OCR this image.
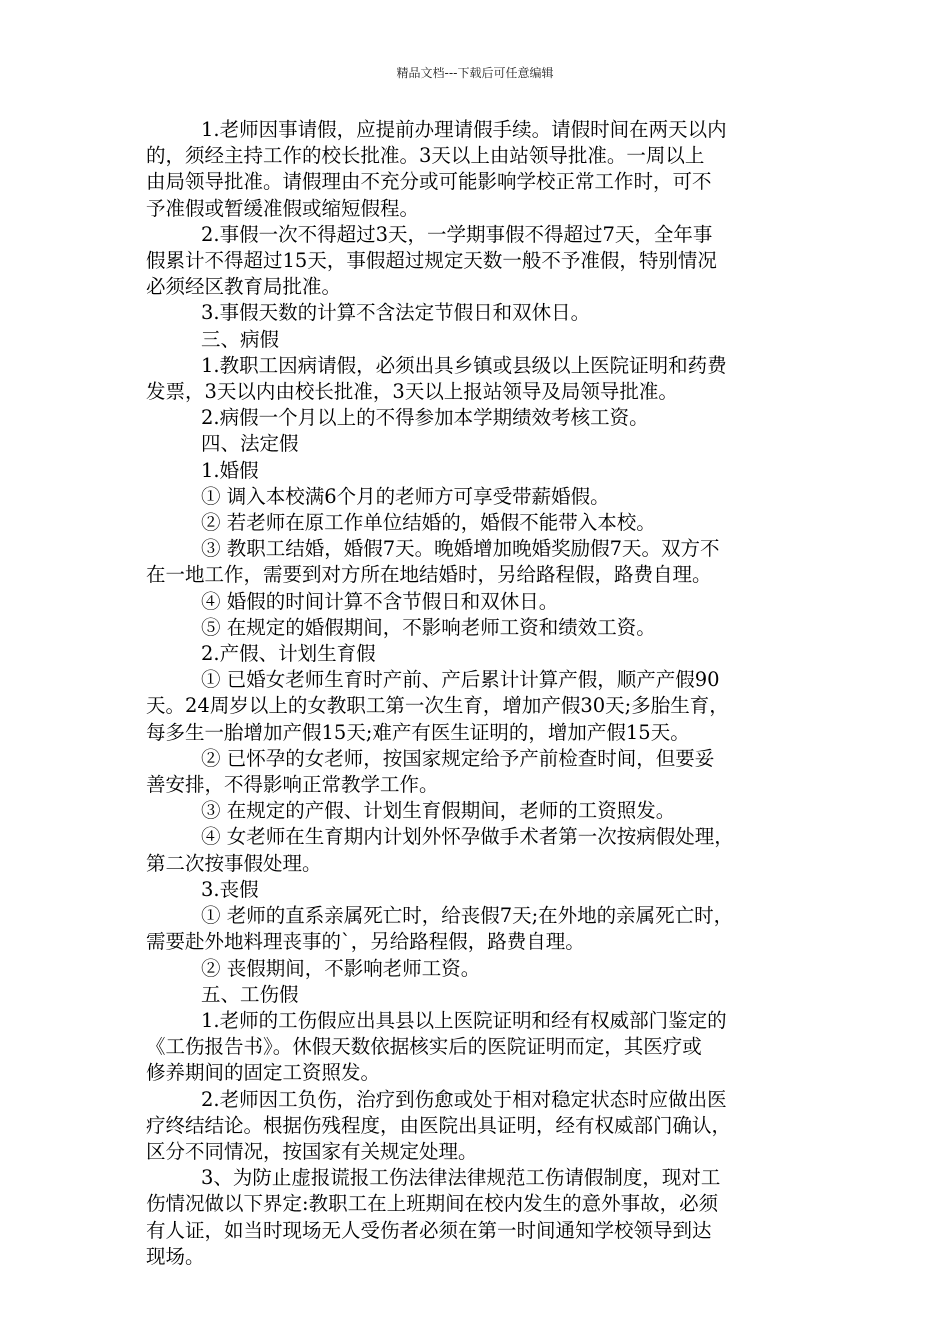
精品文档---下载后可任意编辑

1.老师因事请假，应提前办理请假手续。请假时间在两天以内

的，须经主持工作的校长批准。3天以上由站领导批准。一周以上

由局领导批准。请假理由不充分或可能影响学校正常工作时，可不

予准假或暂缓准假或缩短假程。

2.事假一次不得超过3天，一学期事假不得超过7天，全年事

假累计不得超过15天，事假超过规定天数一般不予准假，特别情况

必须经区教育局批准。

3.事假天数的计算不含法定节假日和双休日。

三、病假

1.教职工因病请假，必须出具乡镇或县级以上医院证明和药费

发票，3天以内由校长批准，3天以上报站领导及局领导批准。

2.病假一个月以上的不得参加本学期绩效考核工资。

四、法定假

1.婚假

① 调入本校满6个月的老师方可享受带薪婚假。

② 若老师在原工作单位结婚的，婚假不能带入本校。

③ 教职工结婚，婚假7天。晚婚增加晚婚奖励假7天。双方不

在一地工作，需要到对方所在地结婚时，另给路程假，路费自理。

④ 婚假的时间计算不含节假日和双休日。

⑤ 在规定的婚假期间，不影响老师工资和绩效工资。

2.产假、计划生育假

① 已婚女老师生育时产前、产后累计计算产假，顺产产假90

天。24周岁以上的女教职工第一次生育，增加产假30天;多胎生育，

每多生一胎增加产假15天;难产有医生证明的，增加产假15天。

② 已怀孕的女老师，按国家规定给予产前检查时间，但要妥

善安排，不得影响正常教学工作。

③ 在规定的产假、计划生育假期间，老师的工资照发。

④ 女老师在生育期内计划外怀孕做手术者第一次按病假处理，

第二次按事假处理。

3.丧假

① 老师的直系亲属死亡时，给丧假7天;在外地的亲属死亡时，

需要赴外地料理丧事的`，另给路程假，路费自理。

② 丧假期间，不影响老师工资。

五、工伤假

1.老师的工伤假应出具县以上医院证明和经有权威部门鉴定的

《工伤报告书》。休假天数依据核实后的医院证明而定，其医疗或

修养期间的固定工资照发。

2.老师因工负伤，治疗到伤愈或处于相对稳定状态时应做出医

疗终结结论。根据伤残程度，由医院出具证明，经有权威部门确认，

区分不同情况，按国家有关规定处理。

3、为防止虚报谎报工伤法律法律规范工伤请假制度，现对工

伤情况做以下界定:教职工在上班期间在校内发生的意外事故，必须

有人证，如当时现场无人受伤者必须在第一时间通知学校领导到达

现场。
